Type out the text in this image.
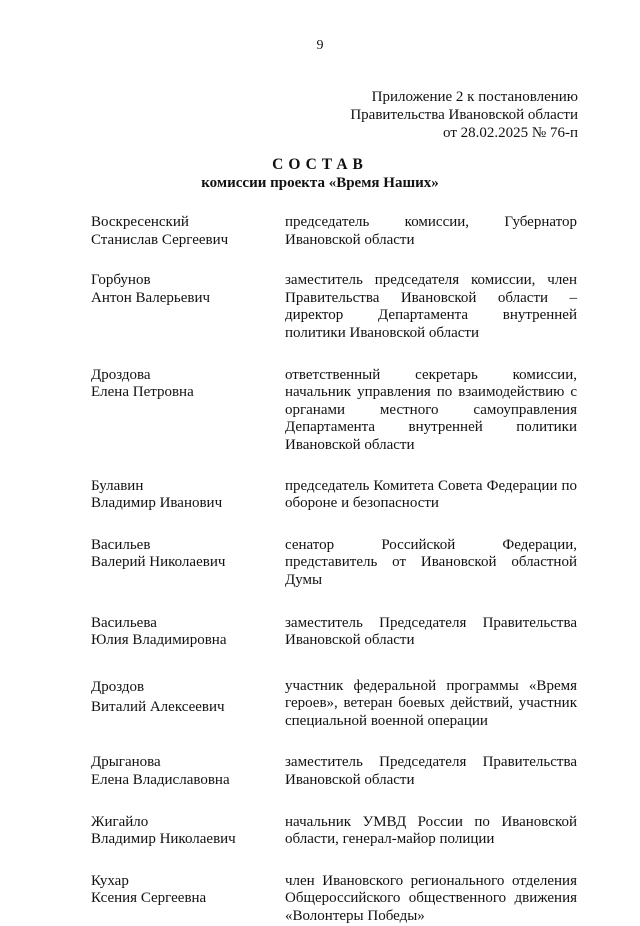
9
Приложение 2 к постановлению
Правительства Ивановской области
от 28.02.2025 № 76-п
СОСТАВ
комиссии проекта «Время Наших»
Воскресенский
Станислав Сергеевич
председатель комиссии, Губернатор Ивановской области
Горбунов
Антон Валерьевич
заместитель председателя комиссии, член Правительства Ивановской области – директор Департамента внутренней политики Ивановской области
Дроздова
Елена Петровна
ответственный секретарь комиссии, начальник управления по взаимодействию с органами местного самоуправления Департамента внутренней политики Ивановской области
Булавин
Владимир Иванович
председатель Комитета Совета Федерации по обороне и безопасности
Васильев
Валерий Николаевич
сенатор Российской Федерации, представитель от Ивановской областной Думы
Васильева
Юлия Владимировна
заместитель Председателя Правительства Ивановской области
Дроздов
Виталий Алексеевич
участник федеральной программы «Время героев», ветеран боевых действий, участник специальной военной операции
Дрыганова
Елена Владиславовна
заместитель Председателя Правительства Ивановской области
Жигайло
Владимир Николаевич
начальник УМВД России по Ивановской области, генерал-майор полиции
Кухар
Ксения Сергеевна
член Ивановского регионального отделения Общероссийского общественного движения «Волонтеры Победы»
